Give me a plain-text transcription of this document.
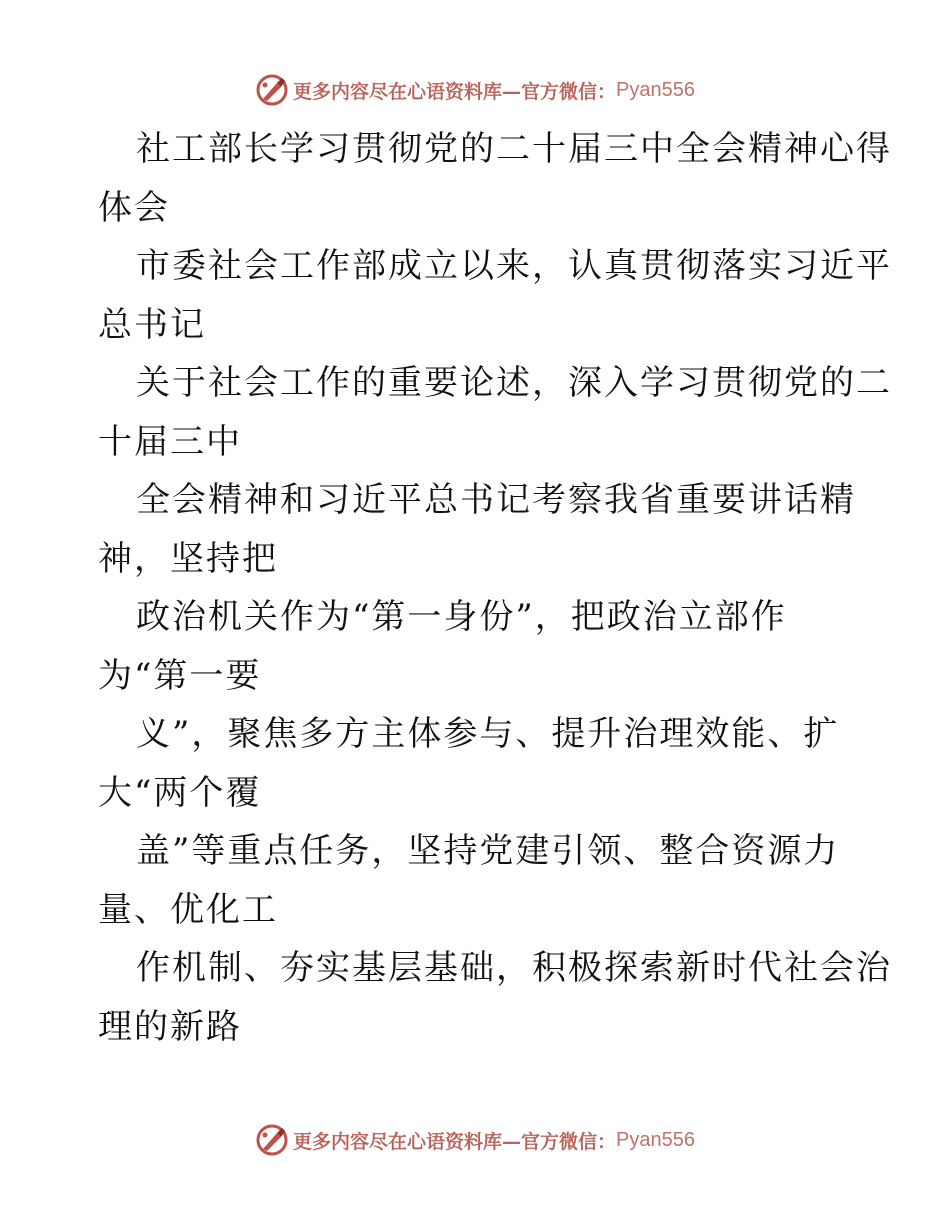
更多内容尽在心语资料库—官方微信： Pyan556
社工部长学习贯彻党的二十届三中全会精神心得
体会
市委社会工作部成立以来，认真贯彻落实习近平
总书记
关于社会工作的重要论述，深入学习贯彻党的二
十届三中
全会精神和习近平总书记考察我省重要讲话精
神，坚持把
政治机关作为“第一身份”，把政治立部作
为“第一要
义”，聚焦多方主体参与、提升治理效能、扩
大“两个覆
盖”等重点任务，坚持党建引领、整合资源力
量、优化工
作机制、夯实基层基础，积极探索新时代社会治
理的新路
更多内容尽在心语资料库—官方微信： Pyan556
